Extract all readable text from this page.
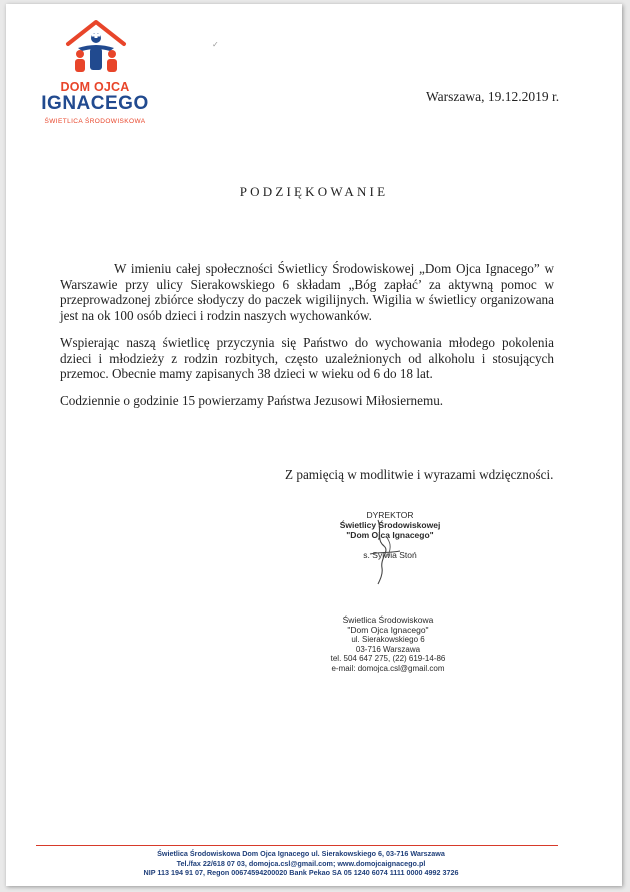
DOM OJCA
IGNACEGO
ŚWIETLICA ŚRODOWISKOWA
✓
Warszawa, 19.12.2019 r.
PODZIĘKOWANIE

W imieniu całej społeczności Świetlicy Środowiskowej „Dom Ojca Ignacego” w Warszawie przy ulicy Sierakowskiego 6 składam „Bóg zapłać’ za aktywną pomoc w przeprowadzonej zbiórce słodyczy do paczek wigilijnych. Wigilia w świetlicy organizowana jest na ok 100 osób dzieci i rodzin naszych wychowanków.

Wspierając naszą świetlicę przyczynia się Państwo do wychowania młodego pokolenia dzieci i młodzieży z rodzin rozbitych, często uzależnionych od alkoholu i stosujących przemoc. Obecnie mamy zapisanych 38 dzieci w wieku od 6 do 18 lat.

Codziennie o godzinie 15 powierzamy Państwa Jezusowi Miłosiernemu.

Z pamięcią w modlitwie i wyrazami wdzięczności.
DYREKTOR
Świetlicy Środowiskowej
"Dom Ojca Ignacego"
s. Sylwia Stoń
Świetlica Środowiskowa
"Dom Ojca Ignacego"
ul. Sierakowskiego 6
03-716 Warszawa
tel. 504 647 275, (22) 619-14-86
e-mail: domojca.csl@gmail.com
Świetlica Środowiskowa Dom Ojca Ignacego ul. Sierakowskiego 6, 03-716 Warszawa
Tel./fax 22/618 07 03, domojca.csl@gmail.com; www.domojcaignacego.pl
NIP 113 194 91 07, Regon 00674594200020 Bank Pekao SA 05 1240 6074 1111 0000 4992 3726
